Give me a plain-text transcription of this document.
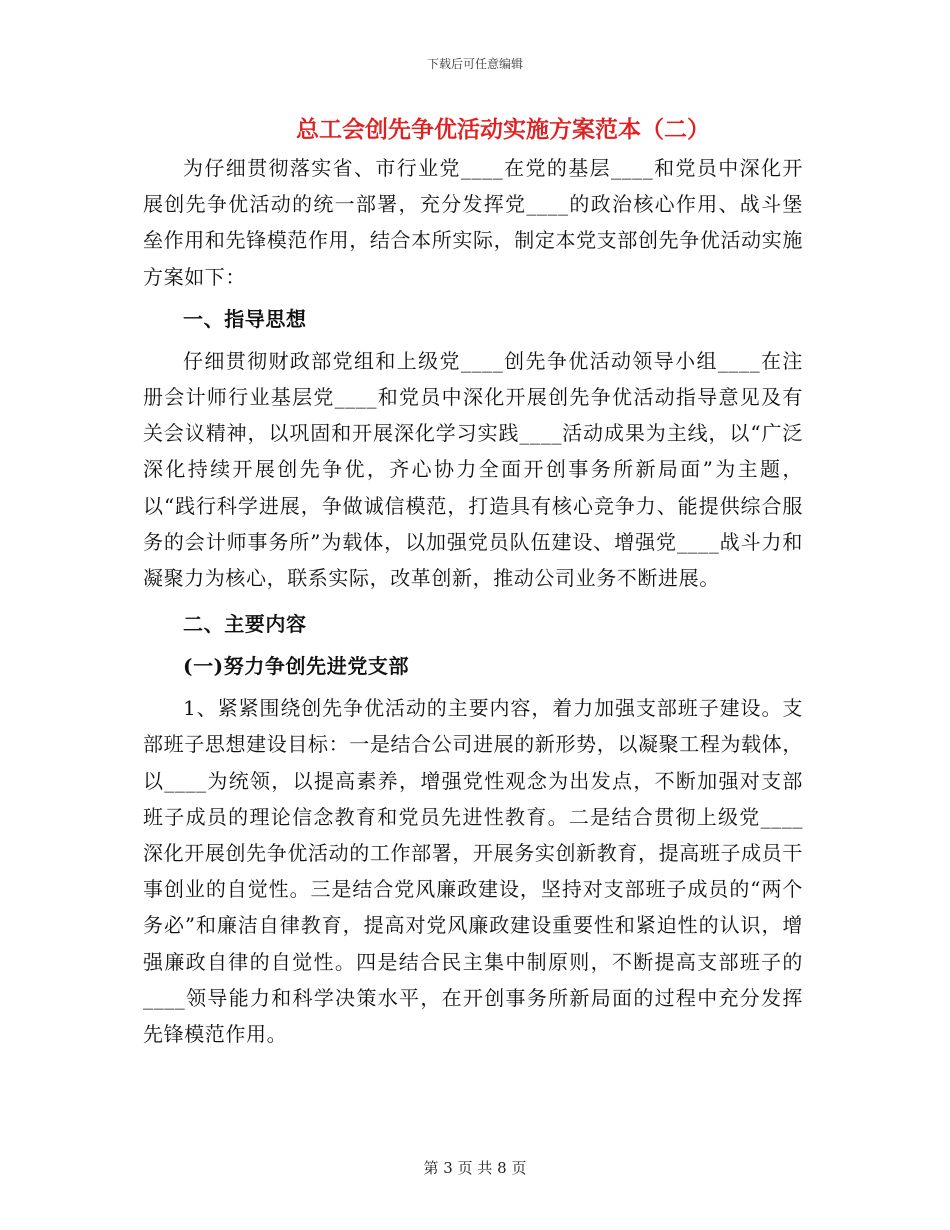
下载后可任意编辑
总工会创先争优活动实施方案范本（二）

为仔细贯彻落实省、市行业党____在党的基层____和党员中深化开展创先争优活动的统一部署，充分发挥党____的政治核心作用、战斗堡垒作用和先锋模范作用，结合本所实际，制定本党支部创先争优活动实施方案如下：

一、指导思想

仔细贯彻财政部党组和上级党____创先争优活动领导小组____在注册会计师行业基层党____和党员中深化开展创先争优活动指导意见及有关会议精神，以巩固和开展深化学习实践____活动成果为主线，以“广泛深化持续开展创先争优，齐心协力全面开创事务所新局面”为主题，以“践行科学进展，争做诚信模范，打造具有核心竞争力、能提供综合服务的会计师事务所”为载体，以加强党员队伍建设、增强党____战斗力和凝聚力为核心，联系实际，改革创新，推动公司业务不断进展。

二、主要内容
(一)努力争创先进党支部

1、紧紧围绕创先争优活动的主要内容，着力加强支部班子建设。支部班子思想建设目标：一是结合公司进展的新形势，以凝聚工程为载体，以____为统领，以提高素养，增强党性观念为出发点，不断加强对支部班子成员的理论信念教育和党员先进性教育。二是结合贯彻上级党____深化开展创先争优活动的工作部署，开展务实创新教育，提高班子成员干事创业的自觉性。三是结合党风廉政建设，坚持对支部班子成员的“两个务必”和廉洁自律教育，提高对党风廉政建设重要性和紧迫性的认识，增强廉政自律的自觉性。四是结合民主集中制原则，不断提高支部班子的____领导能力和科学决策水平，在开创事务所新局面的过程中充分发挥先锋模范作用。

第 3 页 共 8 页
